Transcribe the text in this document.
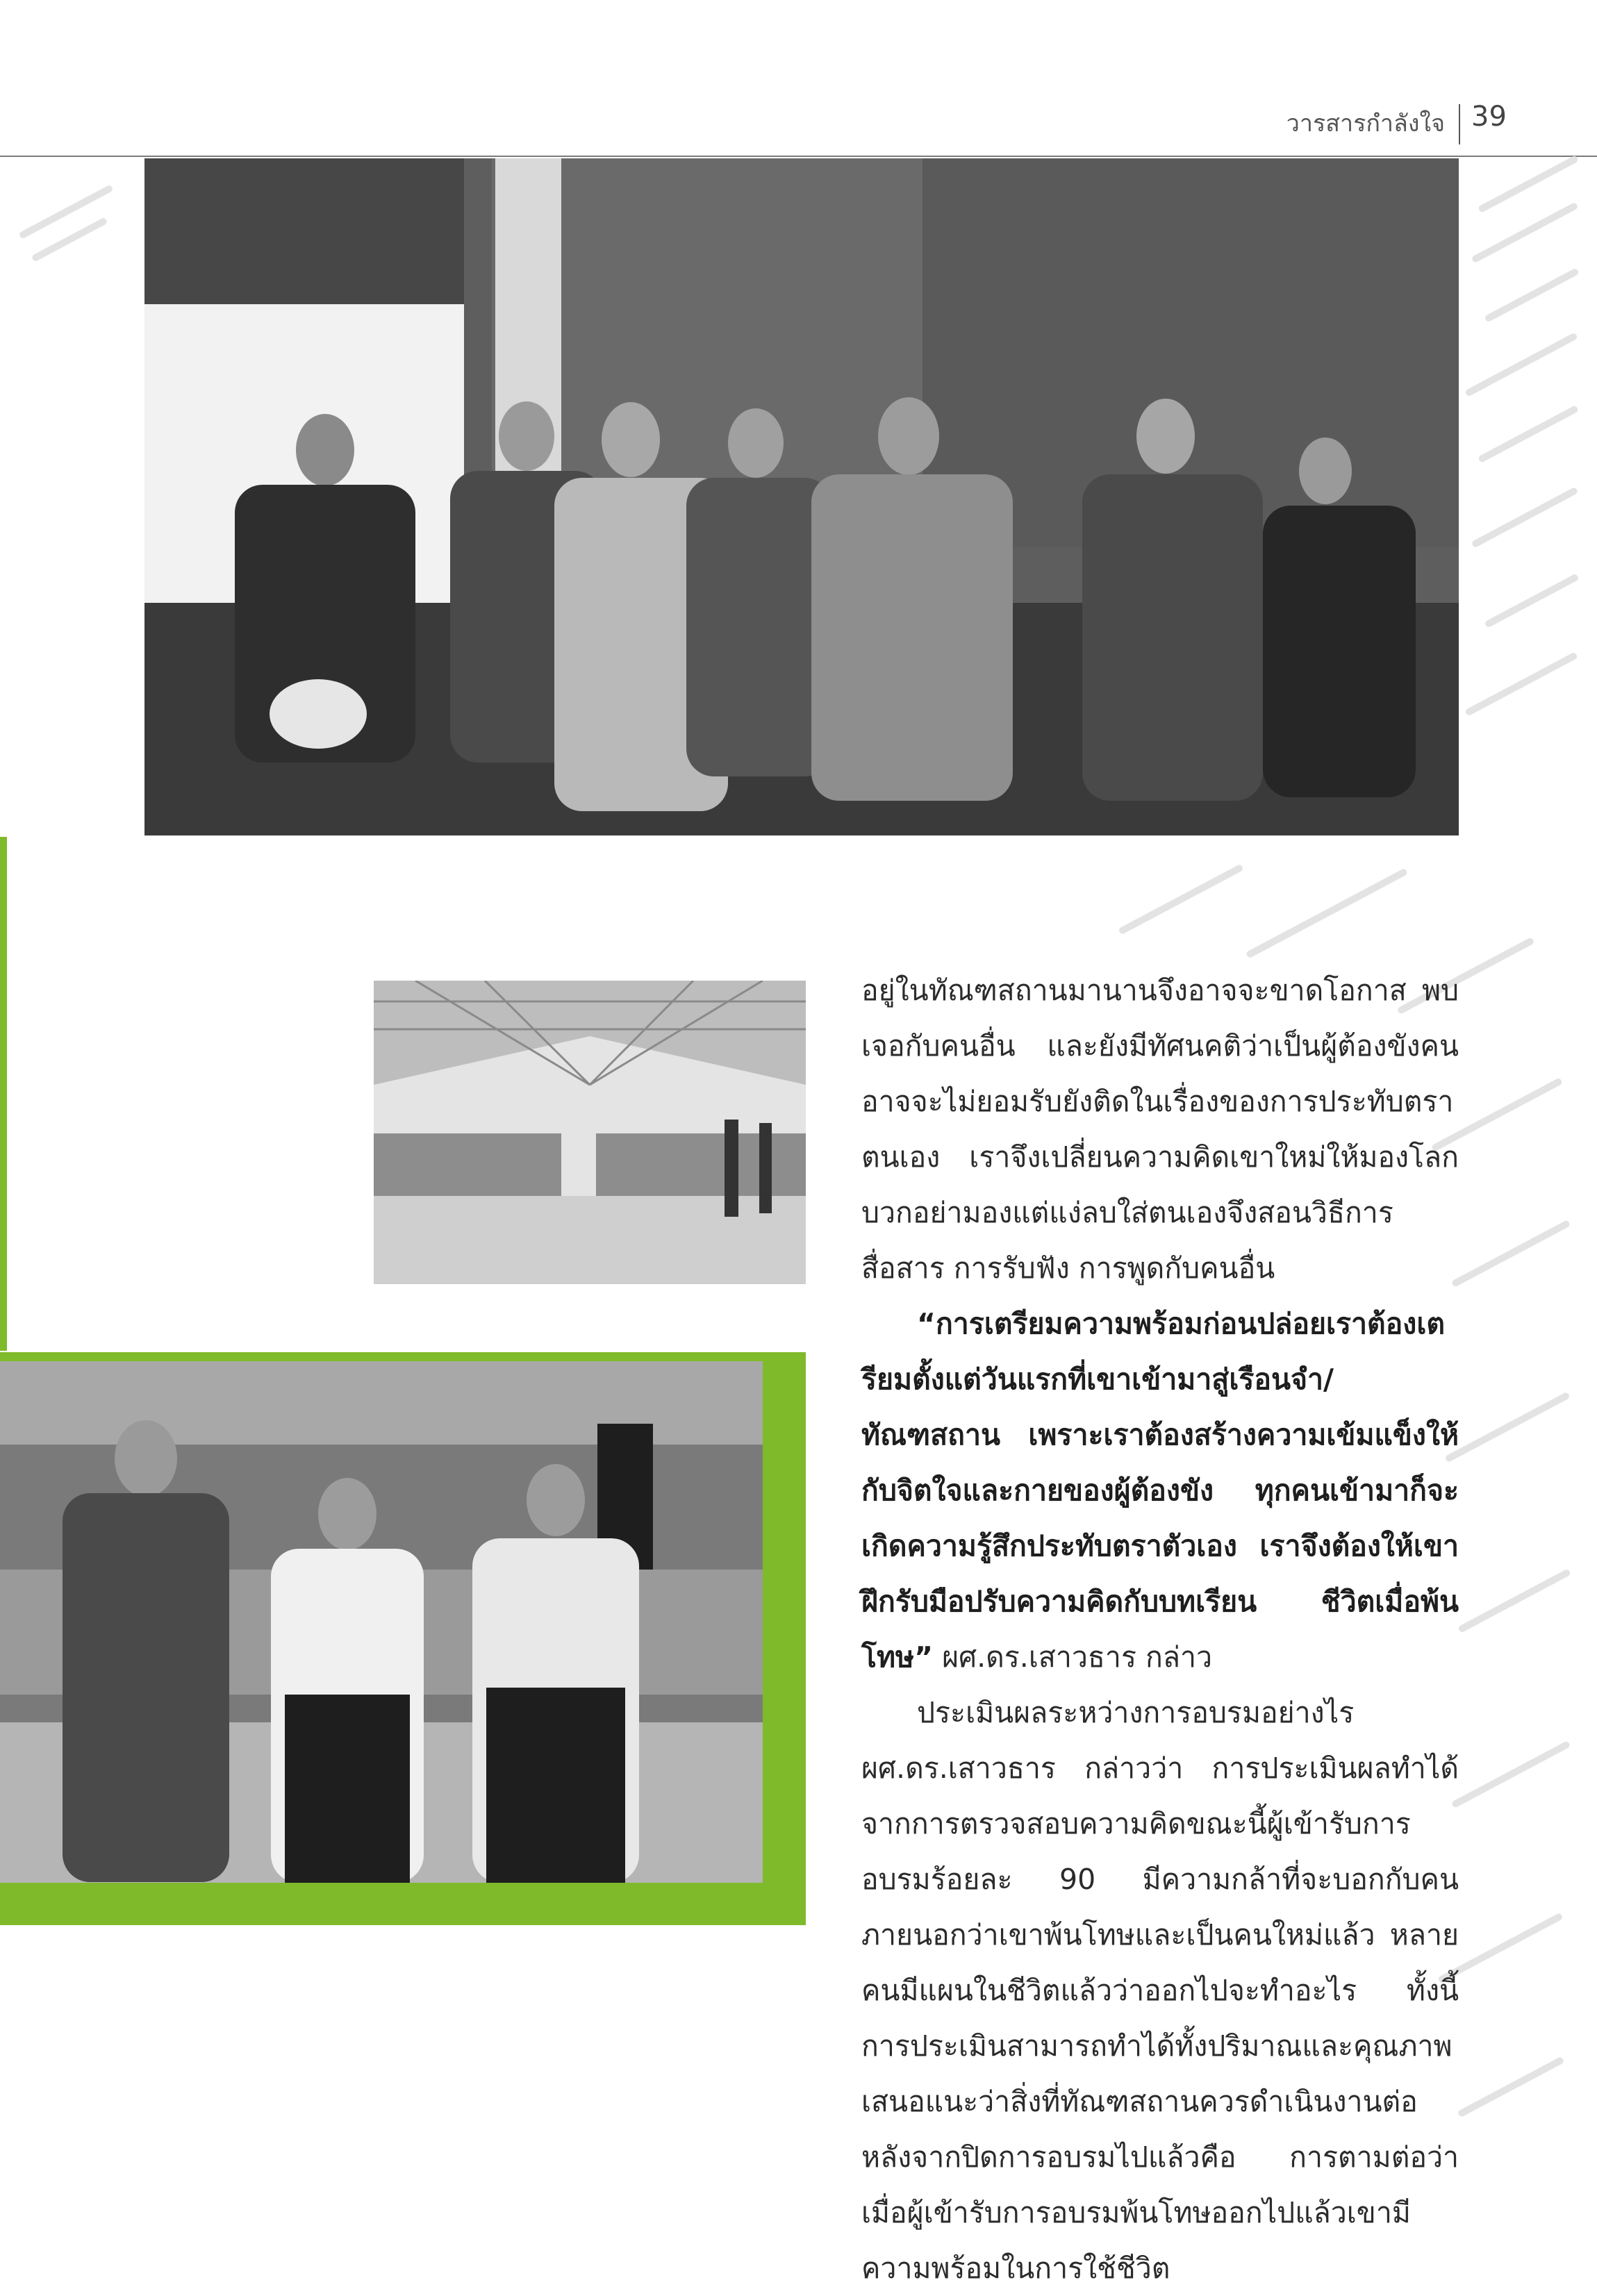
วารสารกำลังใจ 39

อยู่ในทัณฑสถานมานานจึงอาจจะขาดโอกาส พบเจอกับคนอื่น และยังมีทัศนคติว่าเป็นผู้ต้องขังคนอาจจะไม่ยอมรับยังติดในเรื่องของการประทับตราตนเอง เราจึงเปลี่ยนความคิดเขาใหม่ให้มองโลกบวกอย่ามองแต่แง่ลบใส่ตนเองจึงสอนวิธีการสื่อสาร การรับฟัง การพูดกับคนอื่น

“การเตรียมความพร้อมก่อนปล่อยเราต้องเตรียมตั้งแต่วันแรกที่เขาเข้ามาสู่เรือนจำ/ทัณฑสถาน เพราะเราต้องสร้างความเข้มแข็งให้กับจิตใจและกายของผู้ต้องขัง ทุกคนเข้ามาก็จะเกิดความรู้สึกประทับตราตัวเอง เราจึงต้องให้เขาฝึกรับมือปรับความคิดกับบทเรียน ชีวิตเมื่อพ้นโทษ” ผศ.ดร.เสาวธาร กล่าว

ประเมินผลระหว่างการอบรมอย่างไร ผศ.ดร.เสาวธาร กล่าวว่า การประเมินผลทำได้จากการตรวจสอบความคิดขณะนี้ผู้เข้ารับการอบรมร้อยละ 90 มีความกล้าที่จะบอกกับคนภายนอกว่าเขาพ้นโทษและเป็นคนใหม่แล้ว หลายคนมีแผนในชีวิตแล้วว่าออกไปจะทำอะไร ทั้งนี้การประเมินสามารถทำได้ทั้งปริมาณและคุณภาพ เสนอแนะว่าสิ่งที่ทัณฑสถานควรดำเนินงานต่อหลังจากปิดการอบรมไปแล้วคือ การตามต่อว่าเมื่อผู้เข้ารับการอบรมพ้นโทษออกไปแล้วเขามีความพร้อมในการใช้ชีวิต
